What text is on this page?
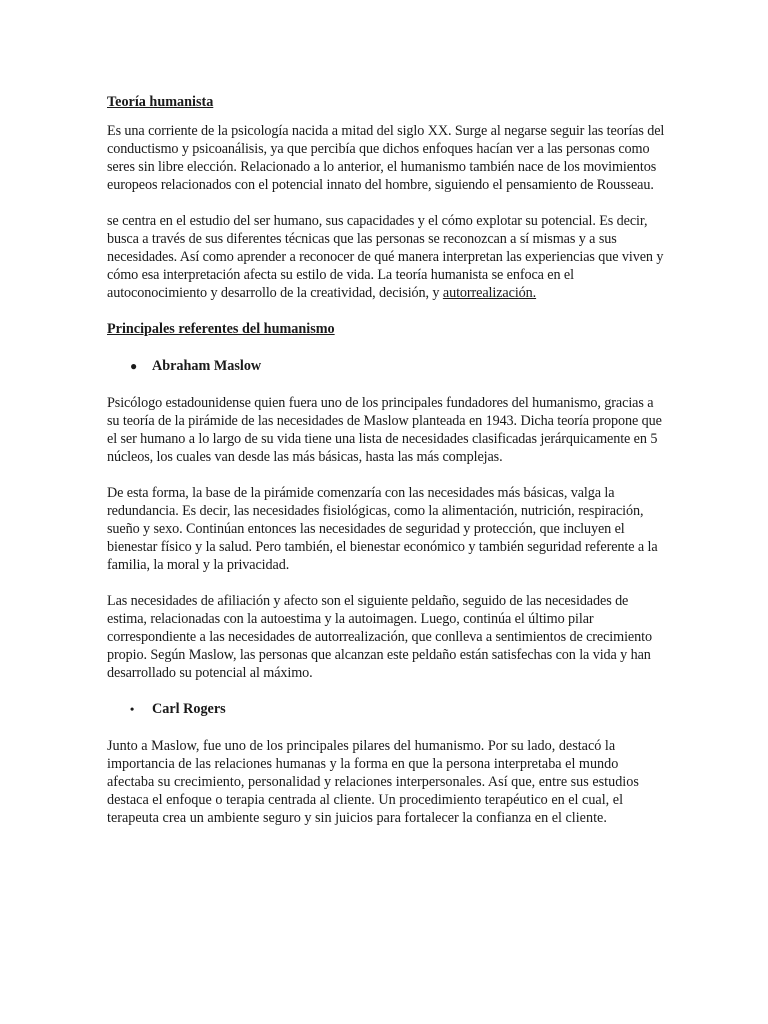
Teoría humanista

Es una corriente de la psicología nacida a mitad del siglo XX. Surge al negarse seguir las teorías del conductismo y psicoanálisis, ya que percibía que dichos enfoques hacían ver a las personas como seres sin libre elección. Relacionado a lo anterior, el humanismo también nace de los movimientos europeos relacionados con el potencial innato del hombre, siguiendo el pensamiento de Rousseau.

se centra en el estudio del ser humano, sus capacidades y el cómo explotar su potencial. Es decir, busca a través de sus diferentes técnicas que las personas se reconozcan a sí mismas y a sus necesidades. Así como aprender a reconocer de qué manera interpretan las experiencias que viven y cómo esa interpretación afecta su estilo de vida. La teoría humanista se enfoca en el autoconocimiento y desarrollo de la creatividad, decisión, y autorrealización.

Principales referentes del humanismo

●	Abraham Maslow

Psicólogo estadounidense quien fuera uno de los principales fundadores del humanismo, gracias a su teoría de la pirámide de las necesidades de Maslow planteada en 1943. Dicha teoría propone que el ser humano a lo largo de su vida tiene una lista de necesidades clasificadas jerárquicamente en 5 núcleos, los cuales van desde las más básicas, hasta las más complejas.

De esta forma, la base de la pirámide comenzaría con las necesidades más básicas, valga la redundancia. Es decir, las necesidades fisiológicas, como la alimentación, nutrición, respiración, sueño y sexo. Continúan entonces las necesidades de seguridad y protección, que incluyen el bienestar físico y la salud. Pero también, el bienestar económico y también seguridad referente a la familia, la moral y la privacidad.

Las necesidades de afiliación y afecto son el siguiente peldaño, seguido de las necesidades de estima, relacionadas con la autoestima y la autoimagen. Luego, continúa el último pilar correspondiente a las necesidades de autorrealización, que conlleva a sentimientos de crecimiento propio. Según Maslow, las personas que alcanzan este peldaño están satisfechas con la vida y han desarrollado su potencial al máximo.

•	Carl Rogers

Junto a Maslow, fue uno de los principales pilares del humanismo. Por su lado, destacó la importancia de las relaciones humanas y la forma en que la persona interpretaba el mundo afectaba su crecimiento, personalidad y relaciones interpersonales. Así que, entre sus estudios destaca el enfoque o terapia centrada al cliente. Un procedimiento terapéutico en el cual, el terapeuta crea un ambiente seguro y sin juicios para fortalecer la confianza en el cliente.
